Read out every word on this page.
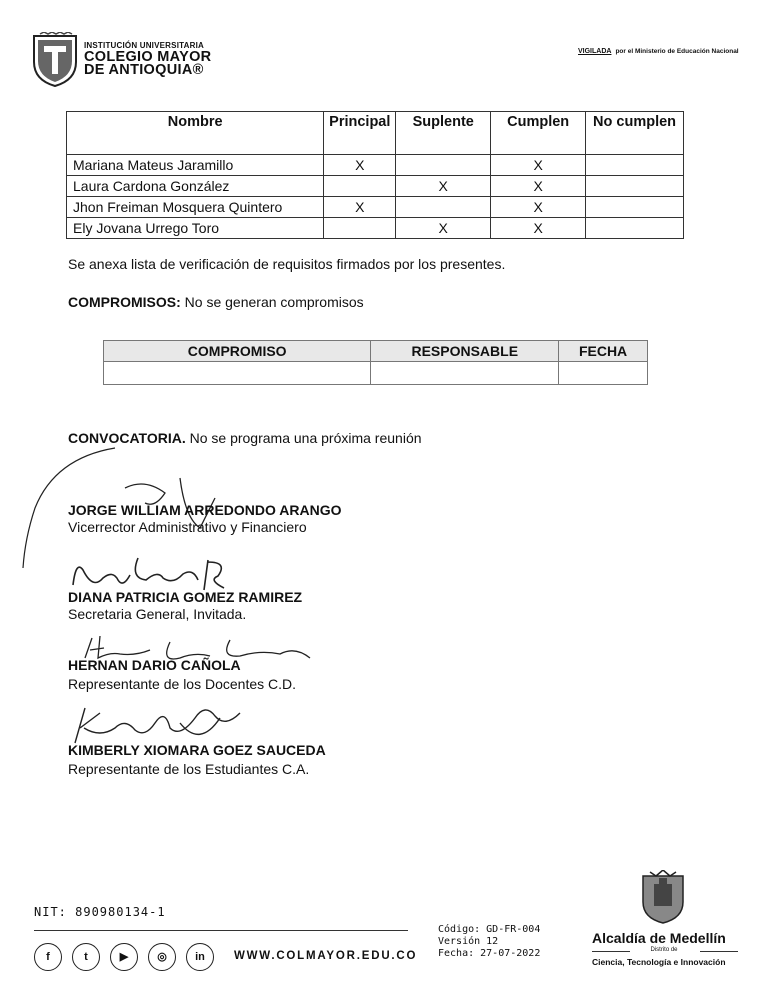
INSTITUCIÓN UNIVERSITARIA
COLEGIO MAYOR
DE ANTIOQUIA®
VIGILADA por el Ministerio de Educación Nacional
Nombre	Principal	Suplente	Cumplen	No cumplen
Mariana Mateus Jaramillo	X		X	
Laura Cardona González		X	X	
Jhon Freiman Mosquera Quintero	X		X	
Ely Jovana Urrego Toro		X	X	
Se anexa lista de verificación de requisitos firmados por los presentes.
COMPROMISOS: No se generan compromisos
COMPROMISO	RESPONSABLE	FECHA

CONVOCATORIA. No se programa una próxima reunión
JORGE WILLIAM ARREDONDO ARANGO
Vicerrector Administrativo y Financiero
DIANA PATRICIA GOMEZ RAMIREZ
Secretaria General, Invitada.
HERNAN DARIO CAÑOLA
Representante de los Docentes C.D.
KIMBERLY XIOMARA GOEZ SAUCEDA
Representante de los Estudiantes C.A.
NIT: 890980134-1
f	t	▶	◎	in	WWW.COLMAYOR.EDU.CO
Código: GD-FR-004
Versión 12
Fecha: 27-07-2022
Alcaldía de Medellín
Distrito de
Ciencia, Tecnología e Innovación
